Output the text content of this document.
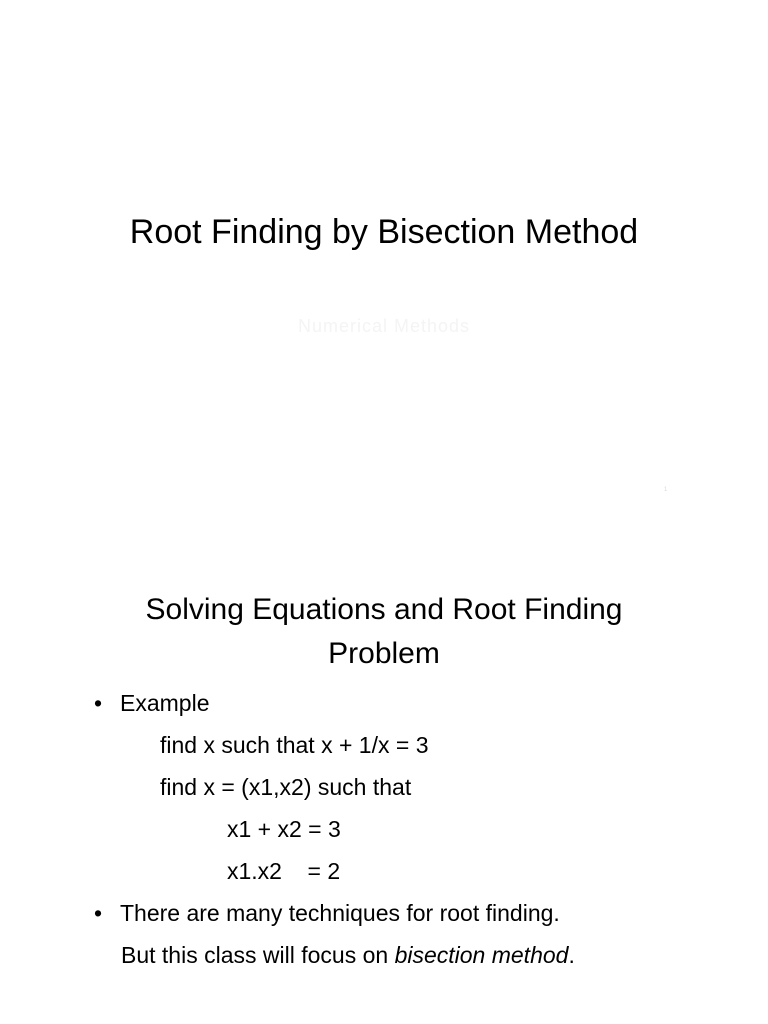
Root Finding by Bisection Method
Numerical Methods
1
Solving Equations and Root Finding
Problem
• Example
find x such that x + 1/x = 3
find x = (x1,x2) such that
x1 + x2 = 3
x1.x2    = 2
• There are many techniques for root finding.
But this class will focus on bisection method.
